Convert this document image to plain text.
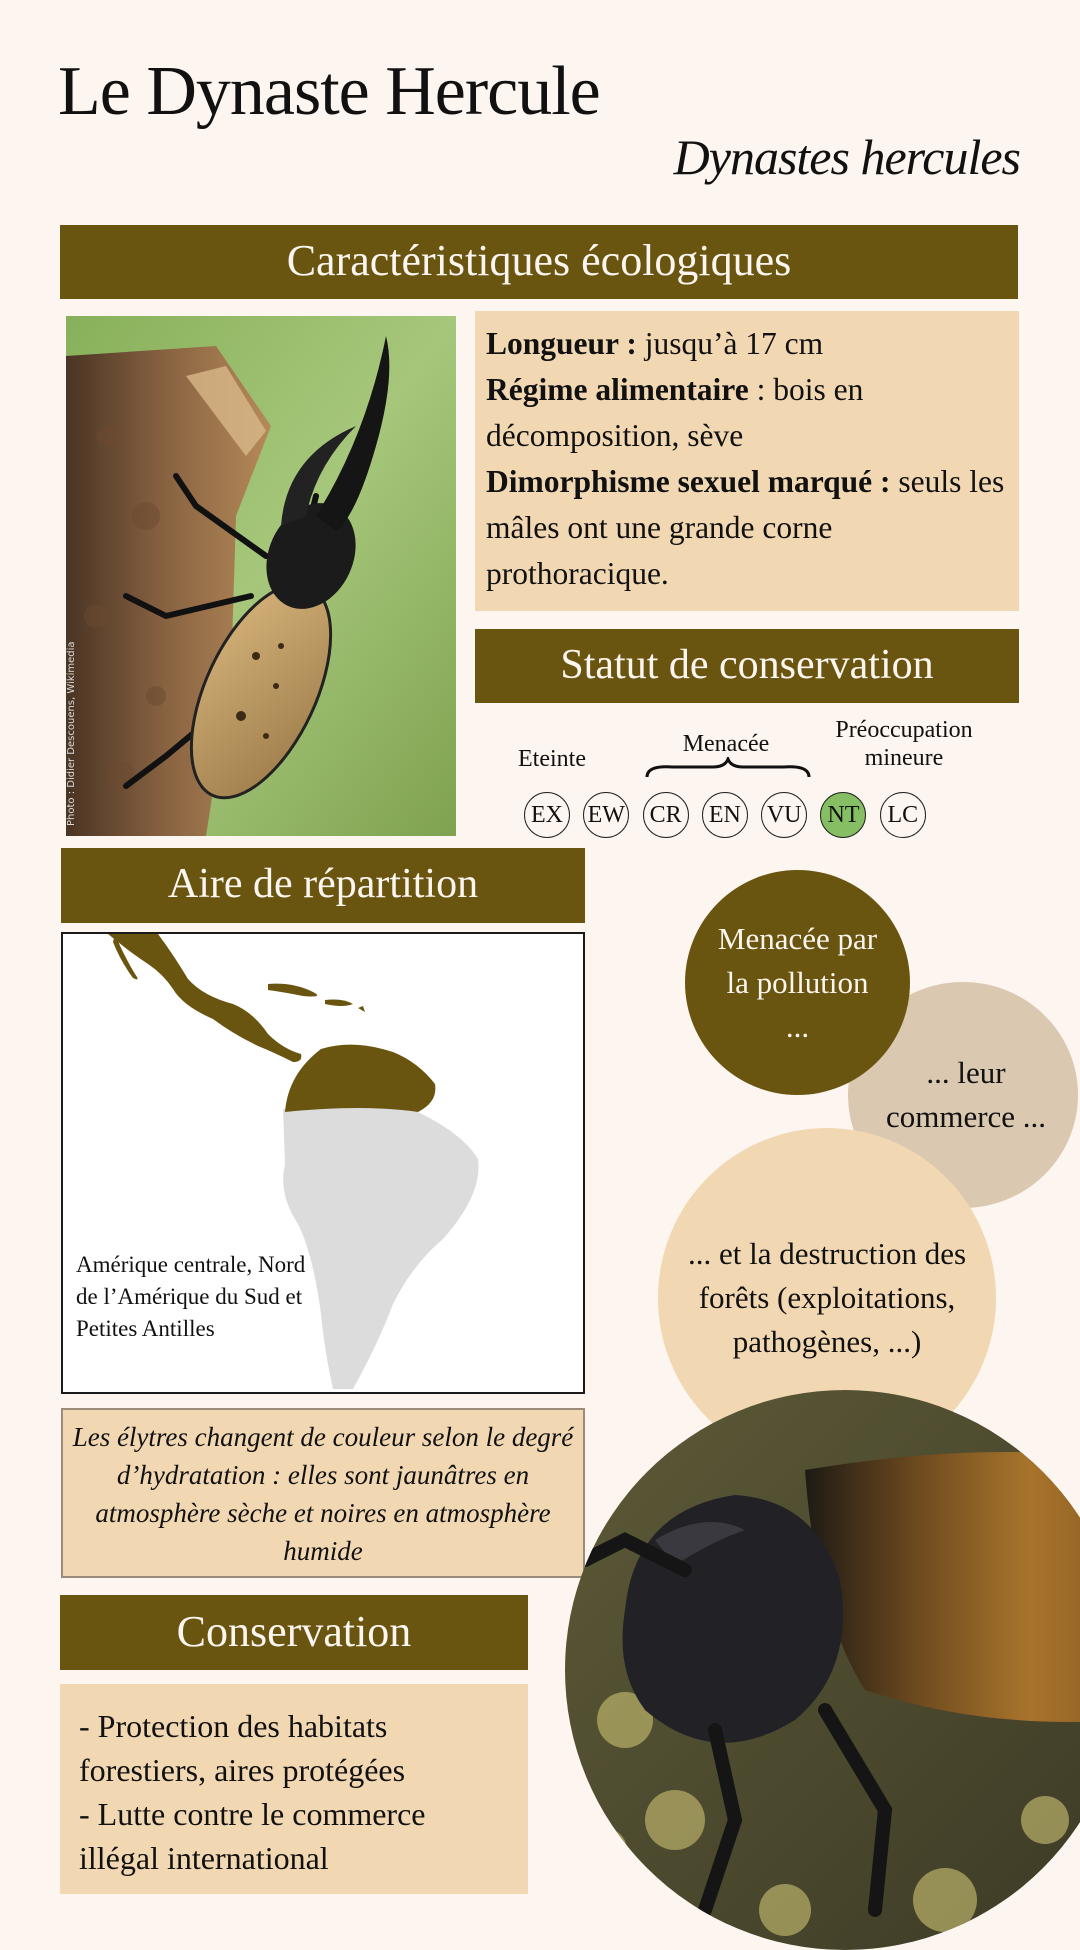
Le Dynaste Hercule
Dynastes hercules
Caractéristiques écologiques
Photo : Didier Descouens, Wikimedia
Longueur : jusqu’à 17 cm
Régime alimentaire : bois en décomposition, sève
Dimorphisme sexuel marqué : seuls les mâles ont une grande corne prothoracique.
Statut de conservation
Eteinte
Menacée
Préoccupation mineure
EX EW CR EN VU NT	LC
Aire de répartition
Amérique centrale, Nord de l’Amérique du Sud et Petites Antilles
Les élytres changent de couleur selon le degré d’hydratation : elles sont jaunâtres en atmosphère sèche et noires en atmosphère humide
Conservation
- Protection des habitats forestiers, aires protégées
- Lutte contre le commerce illégal international
... leur commerce ...
... et la destruction des forêts (exploitations, pathogènes, ...)
Menacée par la pollution ...
